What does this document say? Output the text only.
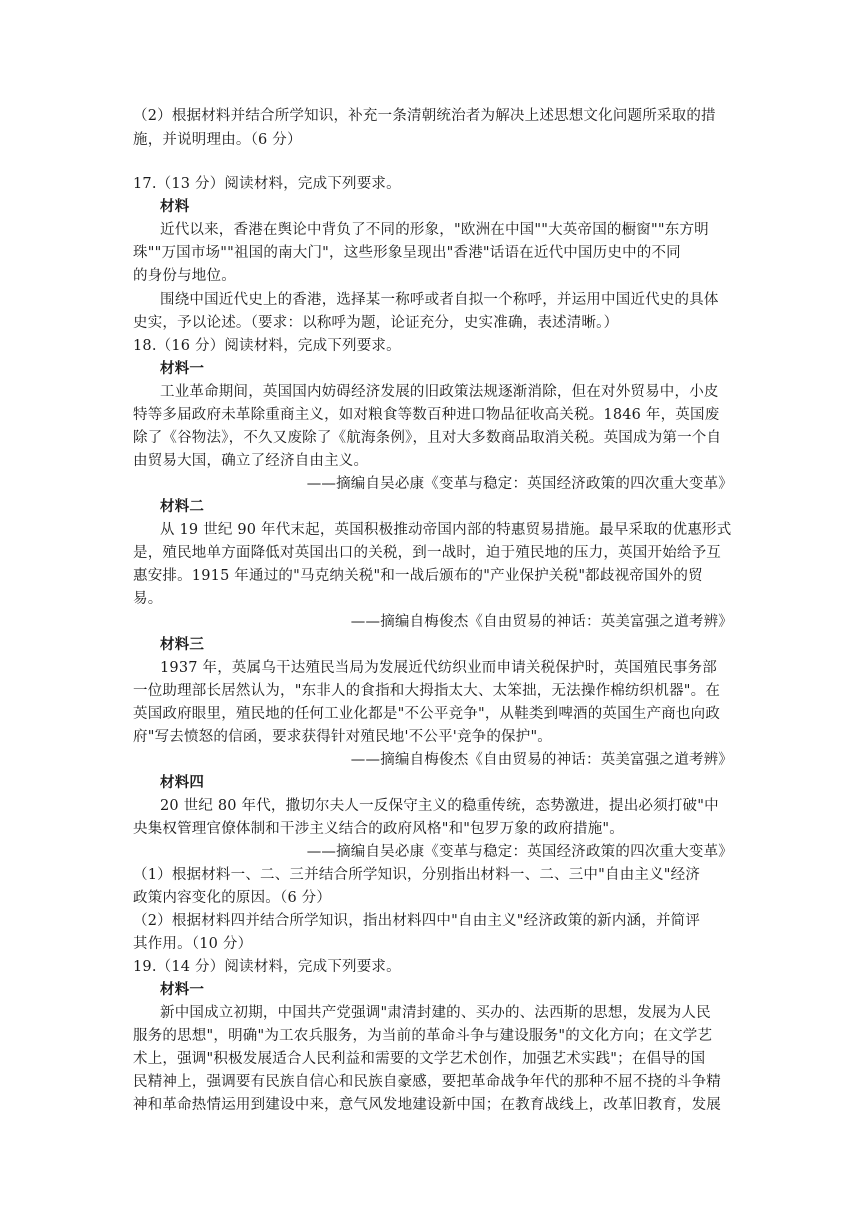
（2）根据材料并结合所学知识，补充一条清朝统治者为解决上述思想文化问题所采取的措
施，并说明理由。（6 分）
17.（13 分）阅读材料，完成下列要求。
材料
近代以来，香港在舆论中背负了不同的形象，"欧洲在中国""大英帝国的橱窗""东方明
珠""万国市场""祖国的南大门"，这些形象呈现出"香港"话语在近代中国历史中的不同
的身份与地位。
围绕中国近代史上的香港，选择某一称呼或者自拟一个称呼，并运用中国近代史的具体
史实，予以论述。（要求：以称呼为题，论证充分，史实准确，表述清晰。）
18.（16 分）阅读材料，完成下列要求。
材料一
工业革命期间，英国国内妨碍经济发展的旧政策法规逐渐消除，但在对外贸易中，小皮
特等多届政府未革除重商主义，如对粮食等数百种进口物品征收高关税。1846 年，英国废
除了《谷物法》，不久又废除了《航海条例》，且对大多数商品取消关税。英国成为第一个自
由贸易大国，确立了经济自由主义。
——摘编自吴必康《变革与稳定：英国经济政策的四次重大变革》
材料二
从 19 世纪 90 年代末起，英国积极推动帝国内部的特惠贸易措施。最早采取的优惠形式
是，殖民地单方面降低对英国出口的关税，到一战时，迫于殖民地的压力，英国开始给予互
惠安排。1915 年通过的"马克纳关税"和一战后颁布的"产业保护关税"都歧视帝国外的贸
易。
——摘编自梅俊杰《自由贸易的神话：英美富强之道考辨》
材料三
1937 年，英属乌干达殖民当局为发展近代纺织业而申请关税保护时，英国殖民事务部
一位助理部长居然认为，"东非人的食指和大拇指太大、太笨拙，无法操作棉纺织机器"。在
英国政府眼里，殖民地的任何工业化都是"不公平竞争"，从鞋类到啤酒的英国生产商也向政
府"写去愤怒的信函，要求获得针对殖民地'不公平'竞争的保护"。
——摘编自梅俊杰《自由贸易的神话：英美富强之道考辨》
材料四
20 世纪 80 年代，撒切尔夫人一反保守主义的稳重传统，态势激进，提出必须打破"中
央集权管理官僚体制和干涉主义结合的政府风格"和"包罗万象的政府措施"。
——摘编自吴必康《变革与稳定：英国经济政策的四次重大变革》
（1）根据材料一、二、三并结合所学知识，分别指出材料一、二、三中"自由主义"经济
政策内容变化的原因。（6 分）
（2）根据材料四并结合所学知识，指出材料四中"自由主义"经济政策的新内涵，并简评
其作用。（10 分）
19.（14 分）阅读材料，完成下列要求。
材料一
新中国成立初期，中国共产党强调"肃清封建的、买办的、法西斯的思想，发展为人民
服务的思想"，明确"为工农兵服务，为当前的革命斗争与建设服务"的文化方向；在文学艺
术上，强调"积极发展适合人民利益和需要的文学艺术创作，加强艺术实践"；在倡导的国
民精神上，强调要有民族自信心和民族自豪感，要把革命战争年代的那种不屈不挠的斗争精
神和革命热情运用到建设中来，意气风发地建设新中国；在教育战线上，改革旧教育，发展
